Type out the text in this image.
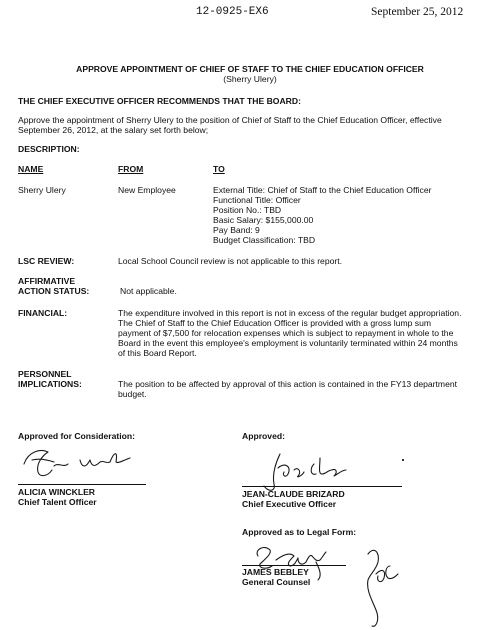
12-0925-EX6	September 25, 2012
APPROVE APPOINTMENT OF CHIEF OF STAFF TO THE CHIEF EDUCATION OFFICER
(Sherry Ulery)
THE CHIEF EXECUTIVE OFFICER RECOMMENDS THAT THE BOARD:
Approve the appointment of Sherry Ulery to the position of Chief of Staff to the Chief Education Officer, effective
September 26, 2012, at the salary set forth below;
DESCRIPTION:
NAME	FROM	TO
Sherry Ulery	New Employee	External Title: Chief of Staff to the Chief Education Officer
Functional Title: Officer
Position No.: TBD
Basic Salary: $155,000.00
Pay Band: 9
Budget Classification: TBD
LSC REVIEW:	Local School Council review is not applicable to this report.
AFFIRMATIVE
ACTION STATUS:	Not applicable.
FINANCIAL:	The expenditure involved in this report is not in excess of the regular budget appropriation.
The Chief of Staff to the Chief Education Officer is provided with a gross lump sum
payment of $7,500 for relocation expenses which is subject to repayment in whole to the
Board in the event this employee's employment is voluntarily terminated within 24 months
of this Board Report.
PERSONNEL
IMPLICATIONS:	The position to be affected by approval of this action is contained in the FY13 department
budget.
Approved for Consideration:	Approved:
ALICIA WINCKLER
Chief Talent Officer
JEAN-CLAUDE BRIZARD
Chief Executive Officer
Approved as to Legal Form:
JAMES BEBLEY
General Counsel
